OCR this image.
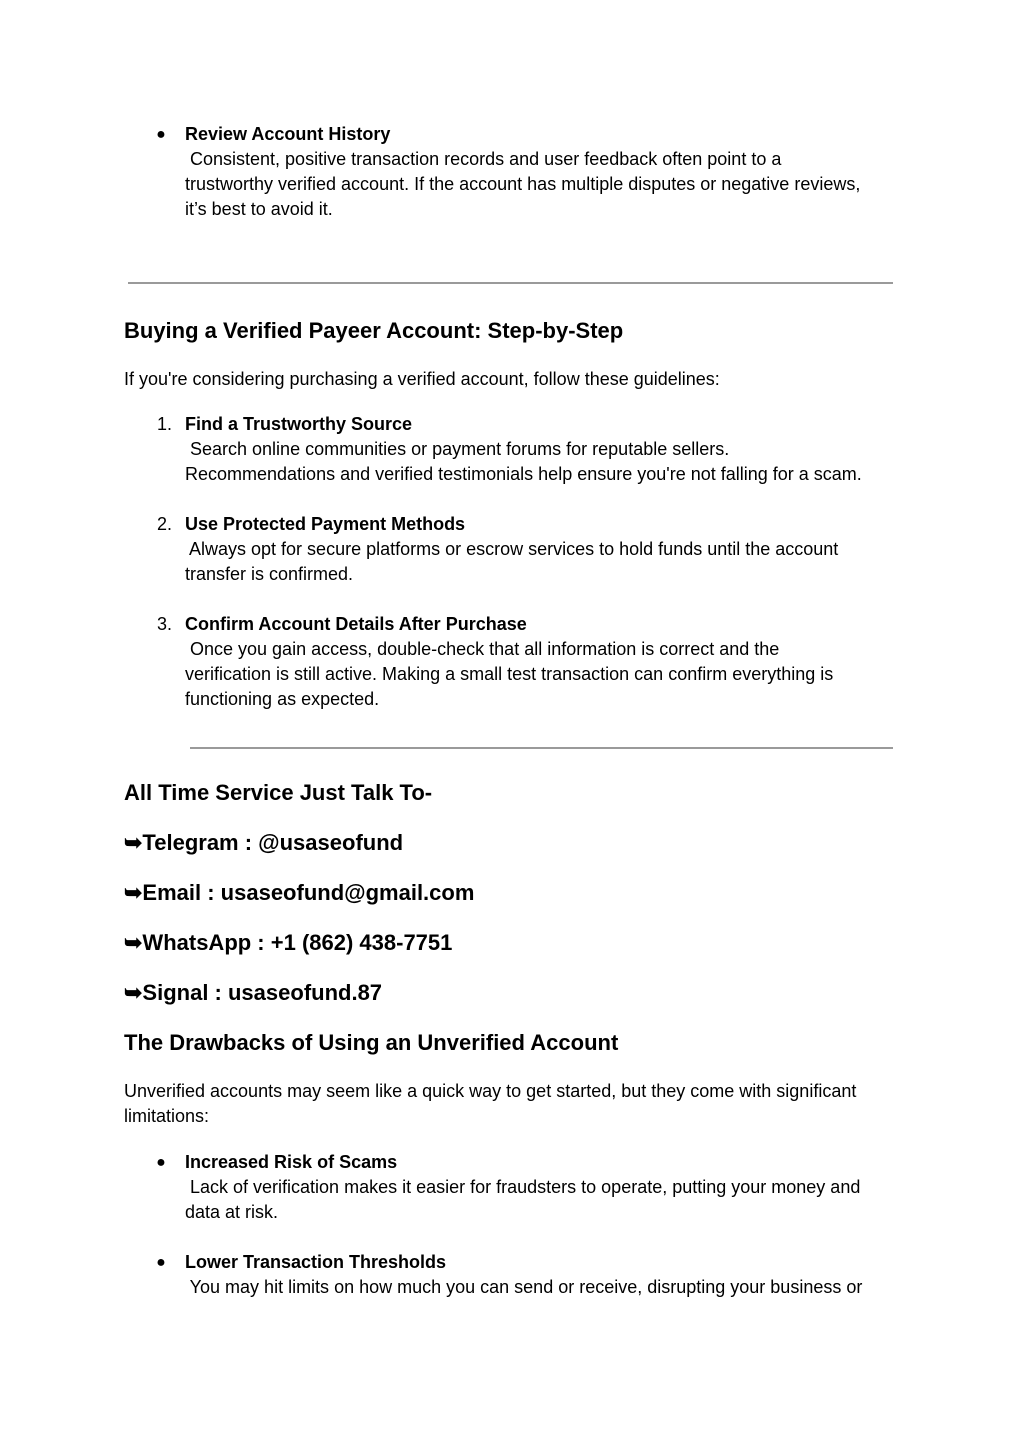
● Review Account History
Consistent, positive transaction records and user feedback often point to a
trustworthy verified account. If the account has multiple disputes or negative reviews,
it’s best to avoid it.
Buying a Verified Payeer Account: Step-by-Step
If you're considering purchasing a verified account, follow these guidelines:
1. Find a Trustworthy Source
Search online communities or payment forums for reputable sellers.
Recommendations and verified testimonials help ensure you're not falling for a scam.
2. Use Protected Payment Methods
Always opt for secure platforms or escrow services to hold funds until the account
transfer is confirmed.
3. Confirm Account Details After Purchase
Once you gain access, double-check that all information is correct and the
verification is still active. Making a small test transaction can confirm everything is
functioning as expected.
All Time Service Just Talk To-
➥Telegram : @usaseofund
➥Email : usaseofund@gmail.com
➥WhatsApp : +1 (862) 438-7751
➥Signal : usaseofund.87
The Drawbacks of Using an Unverified Account
Unverified accounts may seem like a quick way to get started, but they come with significant
limitations:
● Increased Risk of Scams
Lack of verification makes it easier for fraudsters to operate, putting your money and
data at risk.
● Lower Transaction Thresholds
You may hit limits on how much you can send or receive, disrupting your business or
